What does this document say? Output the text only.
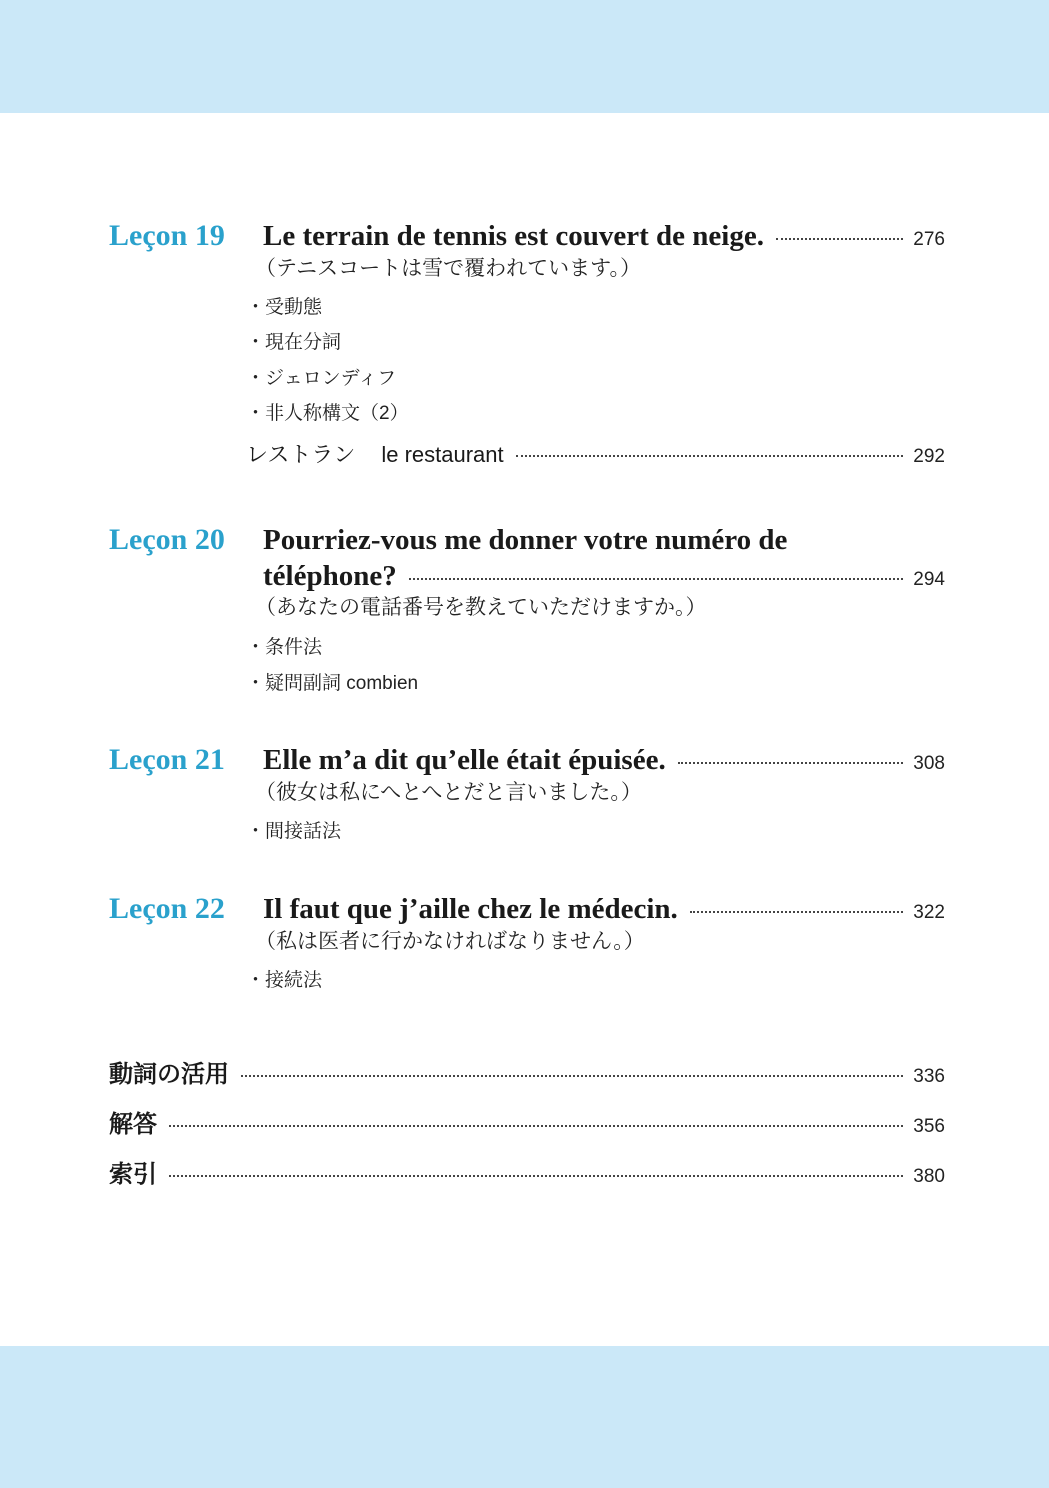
Leçon 19 Le terrain de tennis est couvert de neige.	276
（テニスコートは雪で覆われています。）
・受動態
・現在分詞
・ジェロンディフ
・非人称構文（2）
レストラン le restaurant	292
Leçon 20 Pourriez-vous me donner votre numéro de
téléphone?	294
（あなたの電話番号を教えていただけますか。）
・条件法
・疑問副詞 combien
Leçon 21 Elle m’a dit qu’elle était épuisée.	308
（彼女は私にへとへとだと言いました。）
・間接話法
Leçon 22 Il faut que j’aille chez le médecin.	322
（私は医者に行かなければなりません。）
・接続法
動詞の活用	336
解答	356
索引	380
